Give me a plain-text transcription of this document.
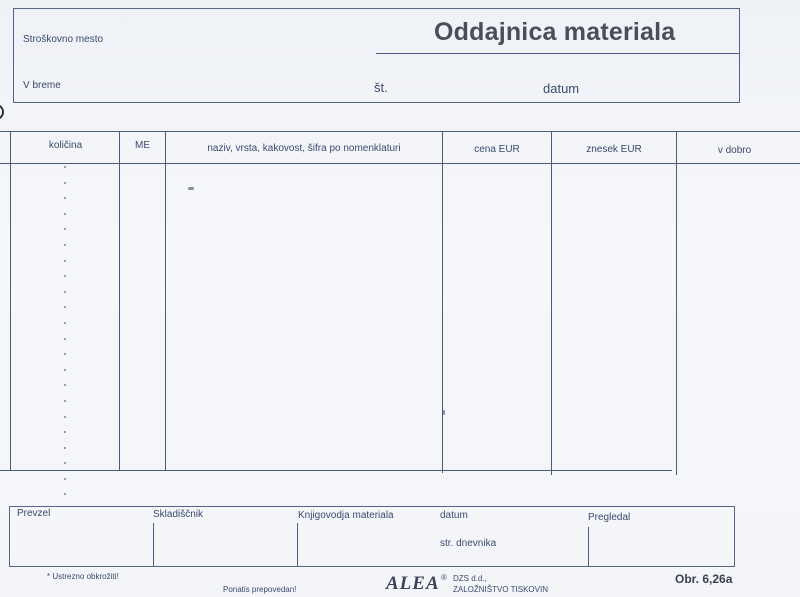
Stroškovno mesto	Oddajnica materiala
V breme	št.	datum
količina	ME	naziv, vrsta, kakovost, šifra po nomenklaturi	cena EUR	znesek EUR	v dobro
Prevzel	Skladiščnik	Knjigovodja materiala	datum
str. dnevnika
Pregledal
* Ustrezno obkrožiti!
Ponatis prepovedan!	ALEA ® DZS d.d.,
ZALOŽNIŠTVO TISKOVIN
Obr. 6,26a
